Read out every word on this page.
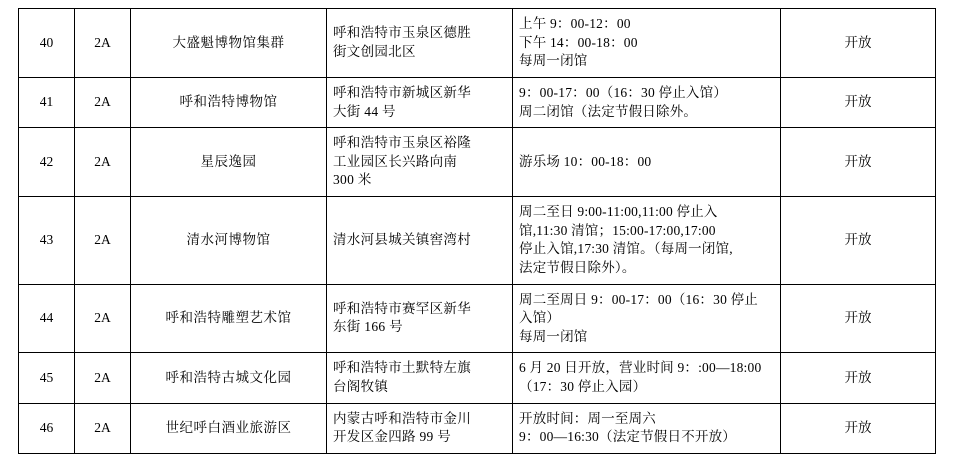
40	2A	大盛魁博物馆集群	呼和浩特市玉泉区德胜
街文创园北区	上午 9：00-12：00
下午 14：00-18：00
每周一闭馆	开放
41	2A	呼和浩特博物馆	呼和浩特市新城区新华
大街 44 号	9：00-17：00（16：30 停止入馆）
周二闭馆（法定节假日除外。	开放
42	2A	星辰逸园	呼和浩特市玉泉区裕隆
工业园区长兴路向南
300 米	游乐场 10：00-18：00	开放
43	2A	清水河博物馆	清水河县城关镇窖湾村	周二至日 9:00-11:00,11:00 停止入
馆,11:30 清馆；15:00-17:00,17:00
停止入馆,17:30 清馆。（每周一闭馆,
法定节假日除外）。	开放
44	2A	呼和浩特雕塑艺术馆	呼和浩特市赛罕区新华
东街 166 号	周二至周日 9：00-17：00（16：30 停止
入馆）
每周一闭馆	开放
45	2A	呼和浩特古城文化园	呼和浩特市土默特左旗
台阁牧镇	6 月 20 日开放，营业时间 9：:00—18:00
（17：30 停止入园）	开放
46	2A	世纪呼白酒业旅游区	内蒙古呼和浩特市金川
开发区金四路 99 号	开放时间：周一至周六
9：00—16:30（法定节假日不开放）	开放
